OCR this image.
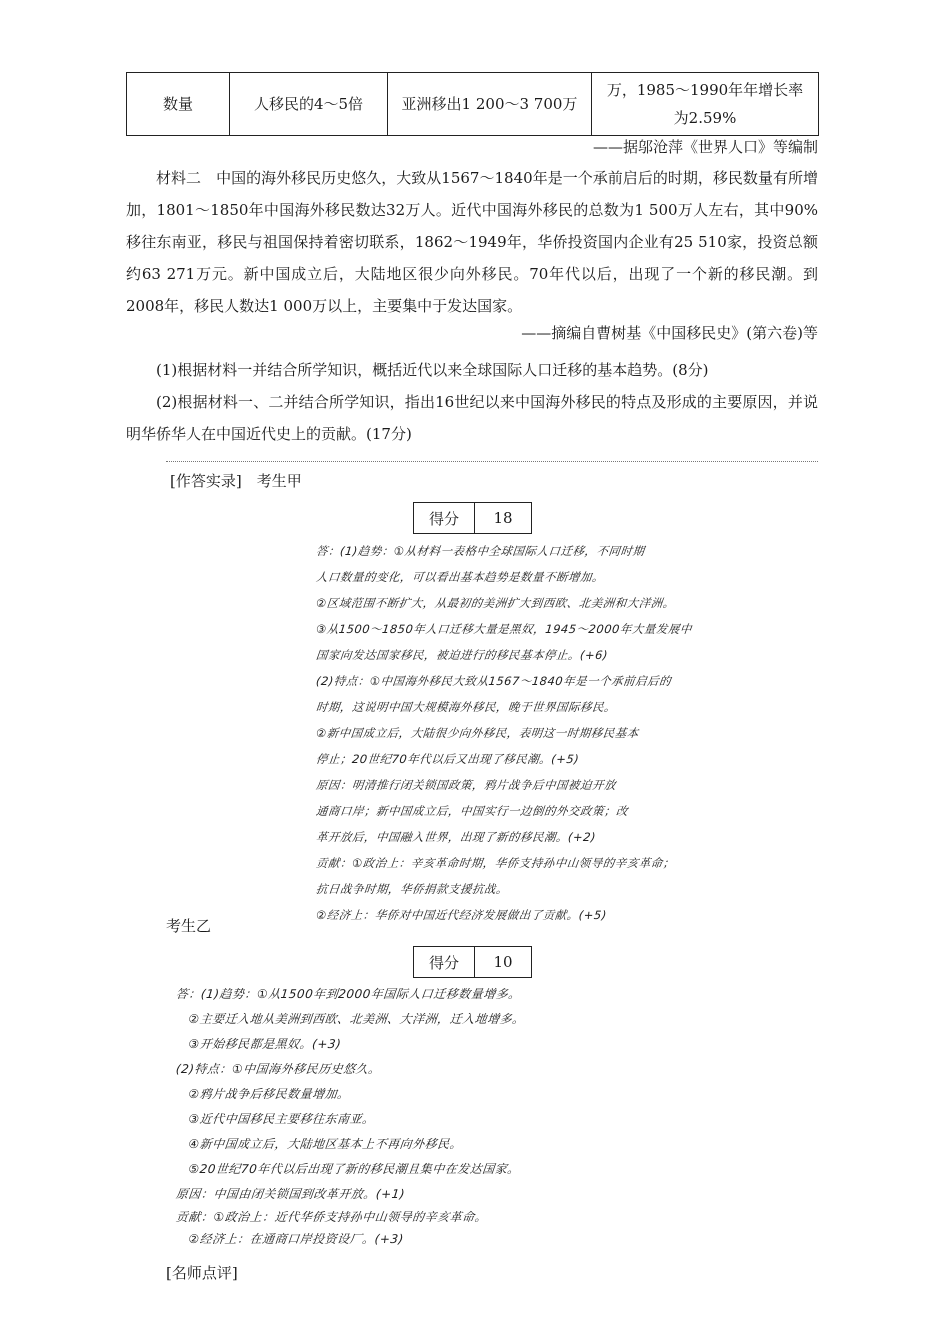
数量	人移民的4～5倍	亚洲移出1 200～3 700万	万，1985～1990年年增长率为2.59%
——据邬沧萍《世界人口》等编制
材料二　中国的海外移民历史悠久，大致从1567～1840年是一个承前启后的时期，移民数量有所增加，1801～1850年中国海外移民数达32万人。近代中国海外移民的总数为1 500万人左右，其中90%移往东南亚，移民与祖国保持着密切联系，1862～1949年，华侨投资国内企业有25 510家，投资总额约63 271万元。新中国成立后，大陆地区很少向外移民。70年代以后，出现了一个新的移民潮。到2008年，移民人数达1 000万以上，主要集中于发达国家。
——摘编自曹树基《中国移民史》(第六卷)等
(1)根据材料一并结合所学知识，概括近代以来全球国际人口迁移的基本趋势。(8分)
(2)根据材料一、二并结合所学知识，指出16世纪以来中国海外移民的特点及形成的主要原因，并说明华侨华人在中国近代史上的贡献。(17分)
[作答实录]　考生甲
得分	18
答：(1)趋势：①从材料一表格中全球国际人口迁移，不同时期
人口数量的变化，可以看出基本趋势是数量不断增加。
②区域范围不断扩大，从最初的美洲扩大到西欧、北美洲和大洋洲。
③从1500～1850年人口迁移大量是黑奴，1945～2000年大量发展中
国家向发达国家移民，被迫进行的移民基本停止。(+6)
(2)特点：①中国海外移民大致从1567～1840年是一个承前启后的
时期，这说明中国大规模海外移民，晚于世界国际移民。
②新中国成立后，大陆很少向外移民，表明这一时期移民基本
停止；20世纪70年代以后又出现了移民潮。(+5)
原因：明清推行闭关锁国政策，鸦片战争后中国被迫开放
通商口岸；新中国成立后，中国实行一边倒的外交政策；改
革开放后，中国融入世界，出现了新的移民潮。(+2)
贡献：①政治上：辛亥革命时期，华侨支持孙中山领导的辛亥革命；
抗日战争时期，华侨捐款支援抗战。
②经济上：华侨对中国近代经济发展做出了贡献。(+5)
考生乙
得分	10
答：(1)趋势：①从1500年到2000年国际人口迁移数量增多。
　②主要迁入地从美洲到西欧、北美洲、大洋洲，迁入地增多。
　③开始移民都是黑奴。(+3)
(2)特点：①中国海外移民历史悠久。
　②鸦片战争后移民数量增加。
　③近代中国移民主要移往东南亚。
　④新中国成立后，大陆地区基本上不再向外移民。
　⑤20世纪70年代以后出现了新的移民潮且集中在发达国家。
原因：中国由闭关锁国到改革开放。(+1)
贡献：①政治上：近代华侨支持孙中山领导的辛亥革命。
　②经济上：在通商口岸投资设厂。(+3)
[名师点评]
